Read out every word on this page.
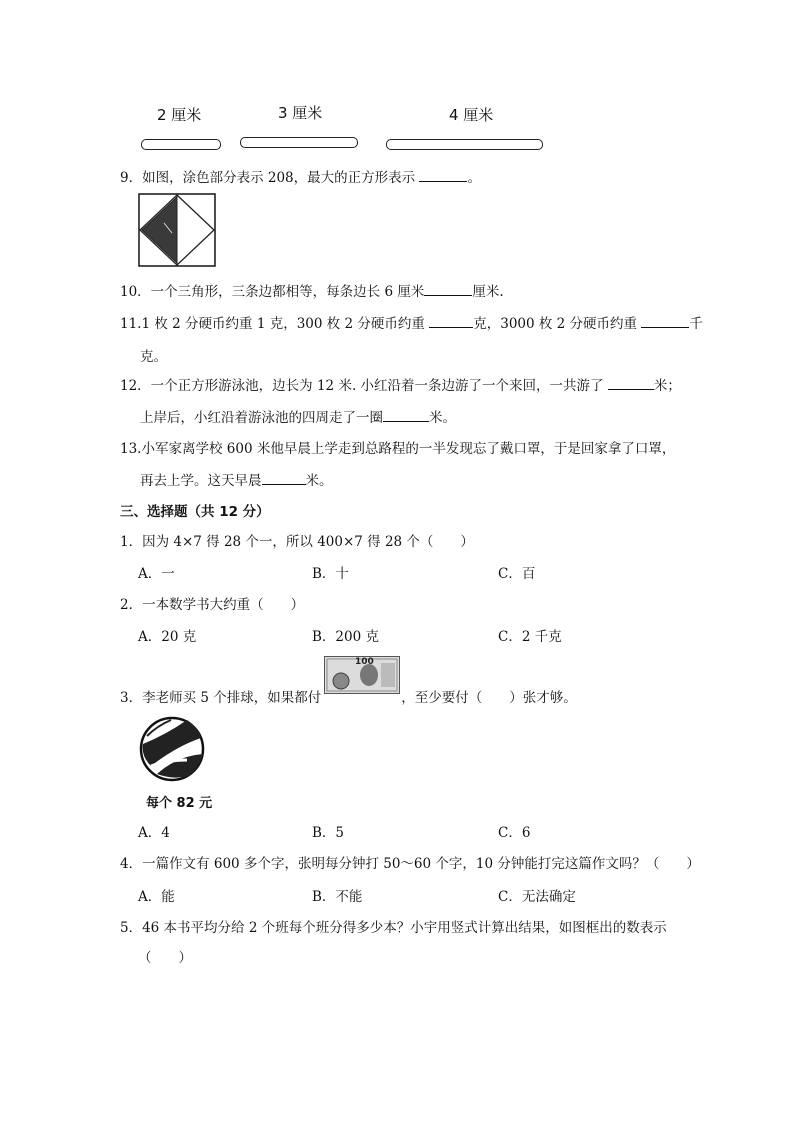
2 厘米	3 厘米	4 厘米
9．如图，涂色部分表示 208，最大的正方形表示	。
10．一个三角形，三条边都相等，每条边长 6 厘米	厘米.
11.1 枚 2 分硬币约重 1 克，300 枚 2 分硬币约重	克，3000 枚 2 分硬币约重	千
克。
12．一个正方形游泳池，边长为 12 米. 小红沿着一条边游了一个来回，一共游了	米；
上岸后，小红沿着游泳池的四周走了一圈	米。
13.小军家离学校 600 米他早晨上学走到总路程的一半发现忘了戴口罩，于是回家拿了口罩，
再去上学。这天早晨	米。
三、选择题（共 12 分）
1．因为 4×7 得 28 个一，所以 400×7 得 28 个（　　）
A．一	B．十	C．百
2．一本数学书大约重（　　）
A．20 克	B．200 克	C．2 千克
3．李老师买 5 个排球，如果都付	，至少要付（　　）张才够。
100
每个 82 元
A．4	B．5	C．6
4．一篇作文有 600 多个字，张明每分钟打 50～60 个字，10 分钟能打完这篇作文吗？（　　）
A．能	B．不能	C．无法确定
5．46 本书平均分给 2 个班每个班分得多少本？小宇用竖式计算出结果，如图框出的数表示
（　　）
